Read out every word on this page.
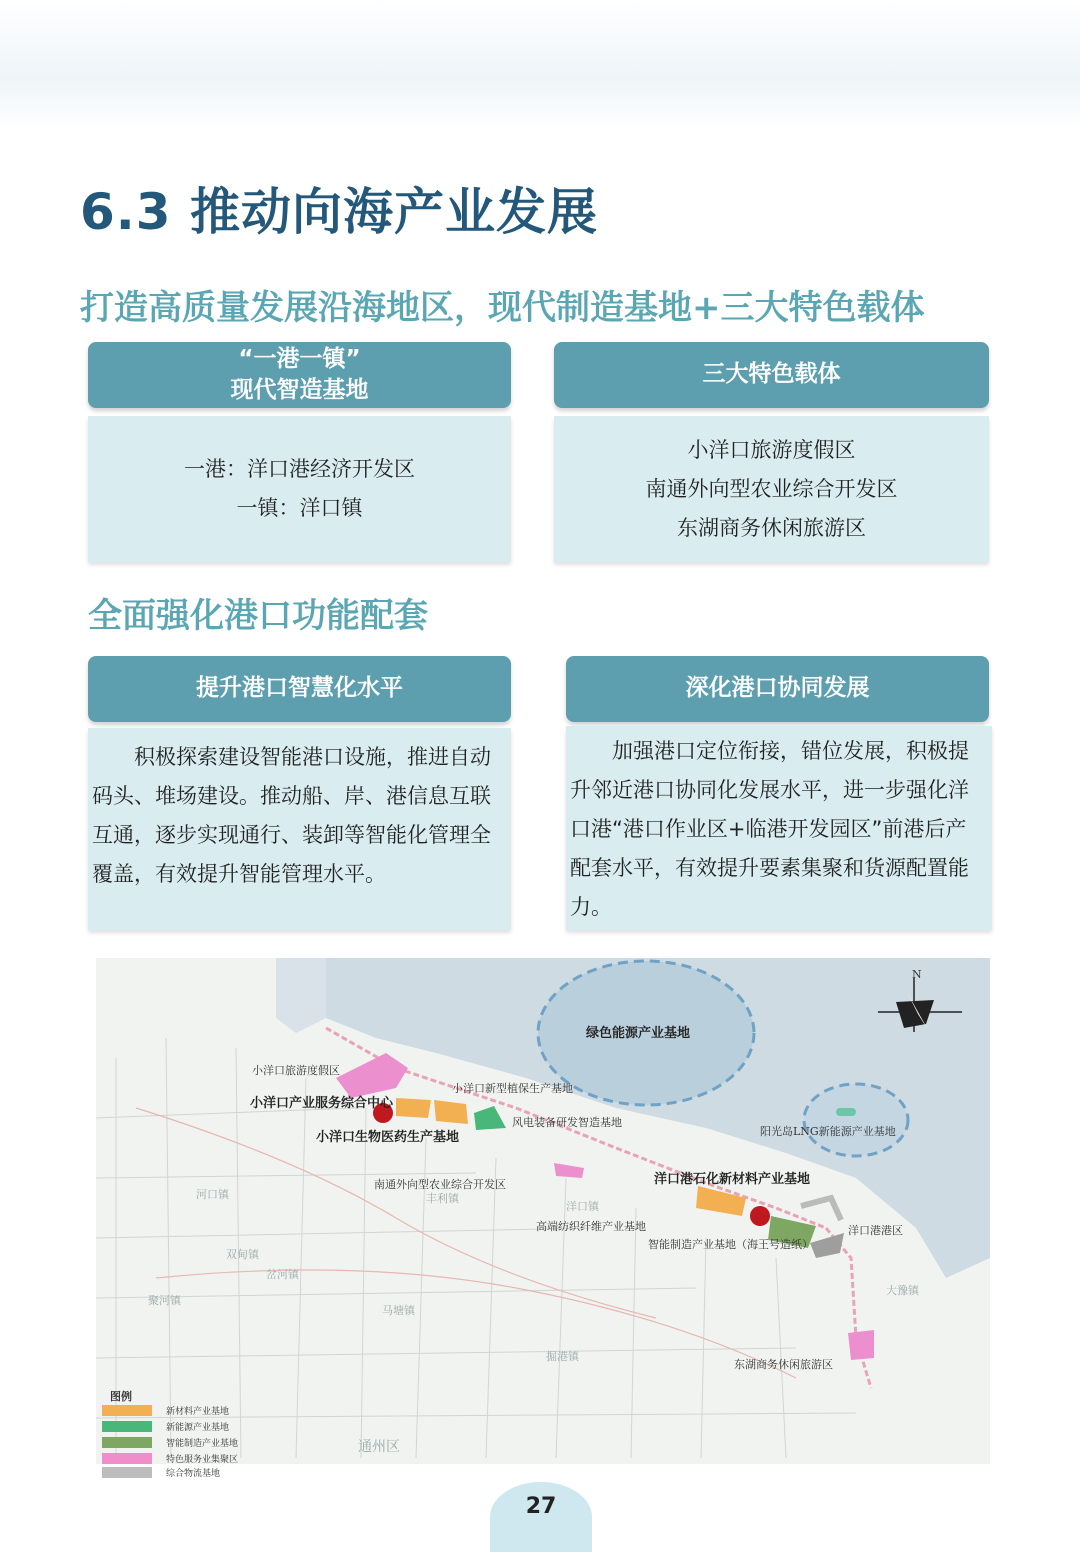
6.3 推动向海产业发展
打造高质量发展沿海地区，现代制造基地+三大特色载体
“一港一镇”
现代智造基地
一港：洋口港经济开发区
一镇：洋口镇
三大特色载体
小洋口旅游度假区
南通外向型农业综合开发区
东湖商务休闲旅游区
全面强化港口功能配套
提升港口智慧化水平
积极探索建设智能港口设施，推进自动码头、堆场建设。推动船、岸、港信息互联互通，逐步实现通行、装卸等智能化管理全覆盖，有效提升智能管理水平。
深化港口协同发展
加强港口定位衔接，错位发展，积极提升邻近港口协同化发展水平，进一步强化洋口港“港口作业区+临港开发园区”前港后产配套水平，有效提升要素集聚和货源配置能力。
N
绿色能源产业基地
小洋口旅游度假区
小洋口新型植保生产基地
小洋口产业服务综合中心
风电装备研发智造基地
小洋口生物医药生产基地	阳光岛LNG新能源产业基地
南通外向型农业综合开发区	洋口港石化新材料产业基地
高端纺织纤维产业基地
智能制造产业基地（海王号造纸）
洋口港港区
东湖商务休闲旅游区
河口镇
双甸镇
聚河镇
马塘镇
岔河镇
通州区
大豫镇
洋口镇
丰利镇
掘港镇
图例
新材料产业基地
新能源产业基地
智能制造产业基地
特色服务业集聚区
综合物流基地
27
